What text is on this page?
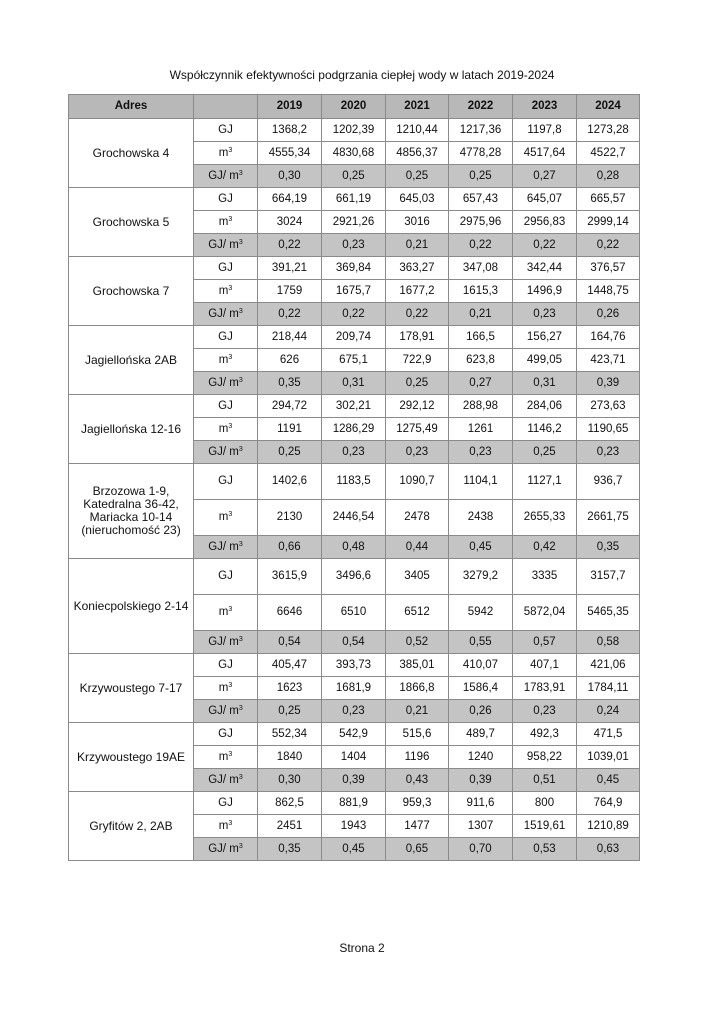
Współczynnik efektywności podgrzania ciepłej wody w latach 2019-2024
Adres		2019	2020	2021	2022	2023	2024

Grochowska 4	GJ	1368,2	1202,39	1210,44	1217,36	1197,8	1273,28
	$m^3$	4555,34	4830,68	4856,37	4778,28	4517,64	4522,7
	GJ/ $m^3$	0,30	0,25	0,25	0,25	0,27	0,28

Grochowska 5	GJ	664,19	661,19	645,03	657,43	645,07	665,57
	$m^3$	3024	2921,26	3016	2975,96	2956,83	2999,14
	GJ/ $m^3$	0,22	0,23	0,21	0,22	0,22	0,22

Grochowska 7	GJ	391,21	369,84	363,27	347,08	342,44	376,57
	$m^3$	1759	1675,7	1677,2	1615,3	1496,9	1448,75
	GJ/ $m^3$	0,22	0,22	0,22	0,21	0,23	0,26

Jagiellońska 2AB	GJ	218,44	209,74	178,91	166,5	156,27	164,76
	$m^3$	626	675,1	722,9	623,8	499,05	423,71
	GJ/ $m^3$	0,35	0,31	0,25	0,27	0,31	0,39

Jagiellońska 12-16	GJ	294,72	302,21	292,12	288,98	284,06	273,63
	$m^3$	1191	1286,29	1275,49	1261	1146,2	1190,65
	GJ/ $m^3$	0,25	0,23	0,23	0,23	0,25	0,23

Brzozowa 1-9,
Katedralna 36-42,
Mariacka 10-14
(nieruchomość 23)	GJ	1402,6	1183,5	1090,7	1104,1	1127,1	936,7
	$m^3$	2130	2446,54	2478	2438	2655,33	2661,75
	GJ/ $m^3$	0,66	0,48	0,44	0,45	0,42	0,35

Koniecpolskiego 2-14	GJ	3615,9	3496,6	3405	3279,2	3335	3157,7
	$m^3$	6646	6510	6512	5942	5872,04	5465,35
	GJ/ $m^3$	0,54	0,54	0,52	0,55	0,57	0,58

Krzywoustego 7-17	GJ	405,47	393,73	385,01	410,07	407,1	421,06
	$m^3$	1623	1681,9	1866,8	1586,4	1783,91	1784,11
	GJ/ $m^3$	0,25	0,23	0,21	0,26	0,23	0,24

Krzywoustego 19AE	GJ	552,34	542,9	515,6	489,7	492,3	471,5
	$m^3$	1840	1404	1196	1240	958,22	1039,01
	GJ/ $m^3$	0,30	0,39	0,43	0,39	0,51	0,45

Gryfitów 2, 2AB	GJ	862,5	881,9	959,3	911,6	800	764,9
	$m^3$	2451	1943	1477	1307	1519,61	1210,89
	GJ/ $m^3$	0,35	0,45	0,65	0,70	0,53	0,63
Strona 2
